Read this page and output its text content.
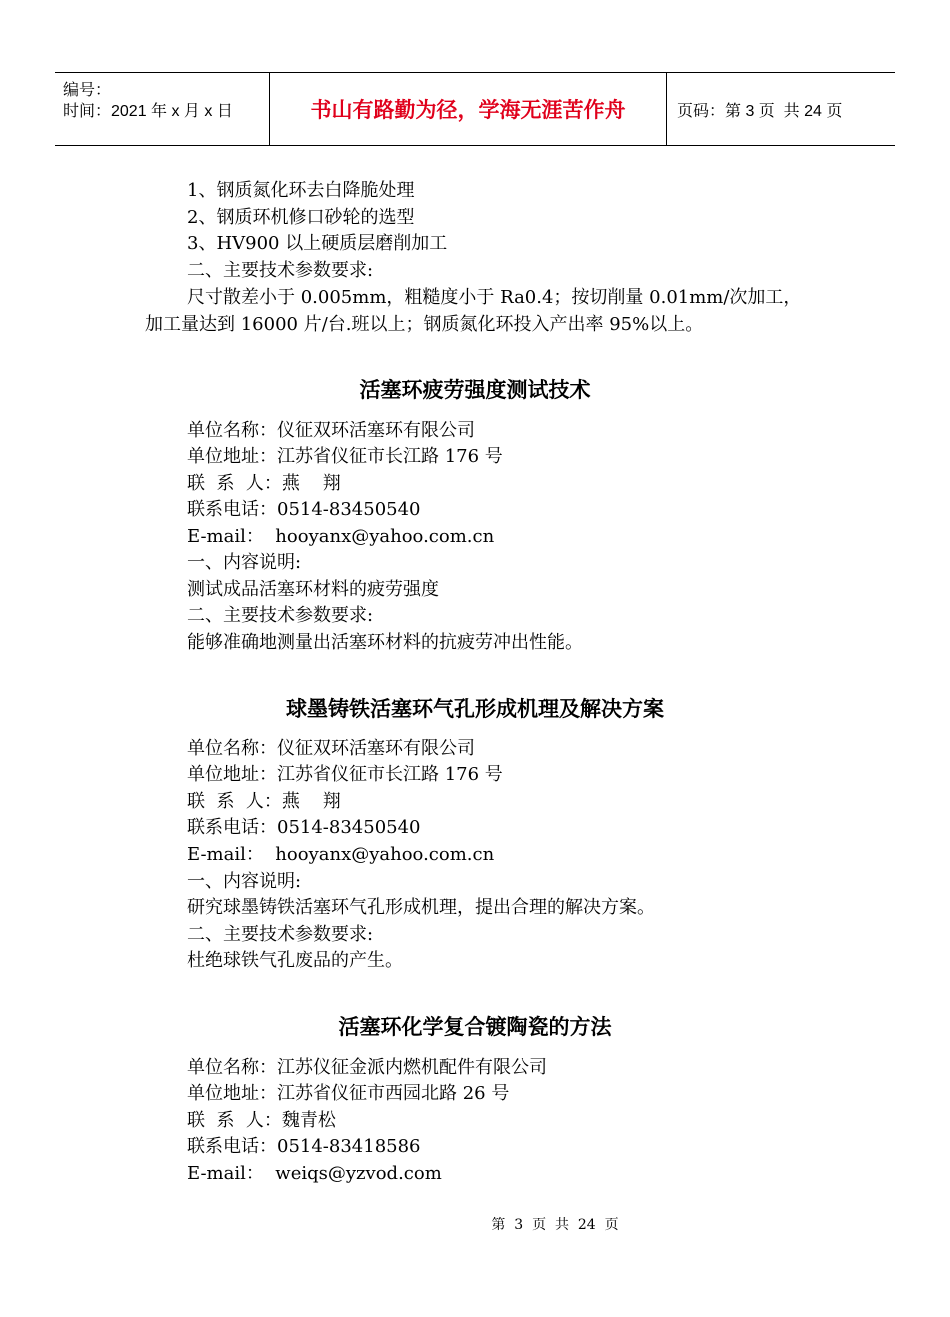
编号：
时间：2021 年 x 月 x 日	书山有路勤为径，学海无涯苦作舟	页码：第 3 页  共 24 页
1、钢质氮化环去白降脆处理
2、钢质环机修口砂轮的选型
3、HV900 以上硬质层磨削加工
二、主要技术参数要求:
尺寸散差小于 0.005mm，粗糙度小于 Ra0.4；按切削量 0.01mm/次加工，
加工量达到 16000 片/台.班以上；钢质氮化环投入产出率 95%以上。
活塞环疲劳强度测试技术
单位名称：仪征双环活塞环有限公司
单位地址：江苏省仪征市长江路 176 号
联  系  人：燕    翔
联系电话：0514-83450540
E-mail：  hooyanx@yahoo.com.cn
一、内容说明:
测试成品活塞环材料的疲劳强度
二、主要技术参数要求:
能够准确地测量出活塞环材料的抗疲劳冲出性能。
球墨铸铁活塞环气孔形成机理及解决方案
单位名称：仪征双环活塞环有限公司
单位地址：江苏省仪征市长江路 176 号
联  系  人：燕    翔
联系电话：0514-83450540
E-mail：  hooyanx@yahoo.com.cn
一、内容说明:
研究球墨铸铁活塞环气孔形成机理，提出合理的解决方案。
二、主要技术参数要求:
杜绝球铁气孔废品的产生。
活塞环化学复合镀陶瓷的方法
单位名称：江苏仪征金派内燃机配件有限公司
单位地址：江苏省仪征市西园北路 26 号
联  系  人：魏青松
联系电话：0514-83418586
E-mail：  weiqs@yzvod.com
第  3  页  共  24  页
